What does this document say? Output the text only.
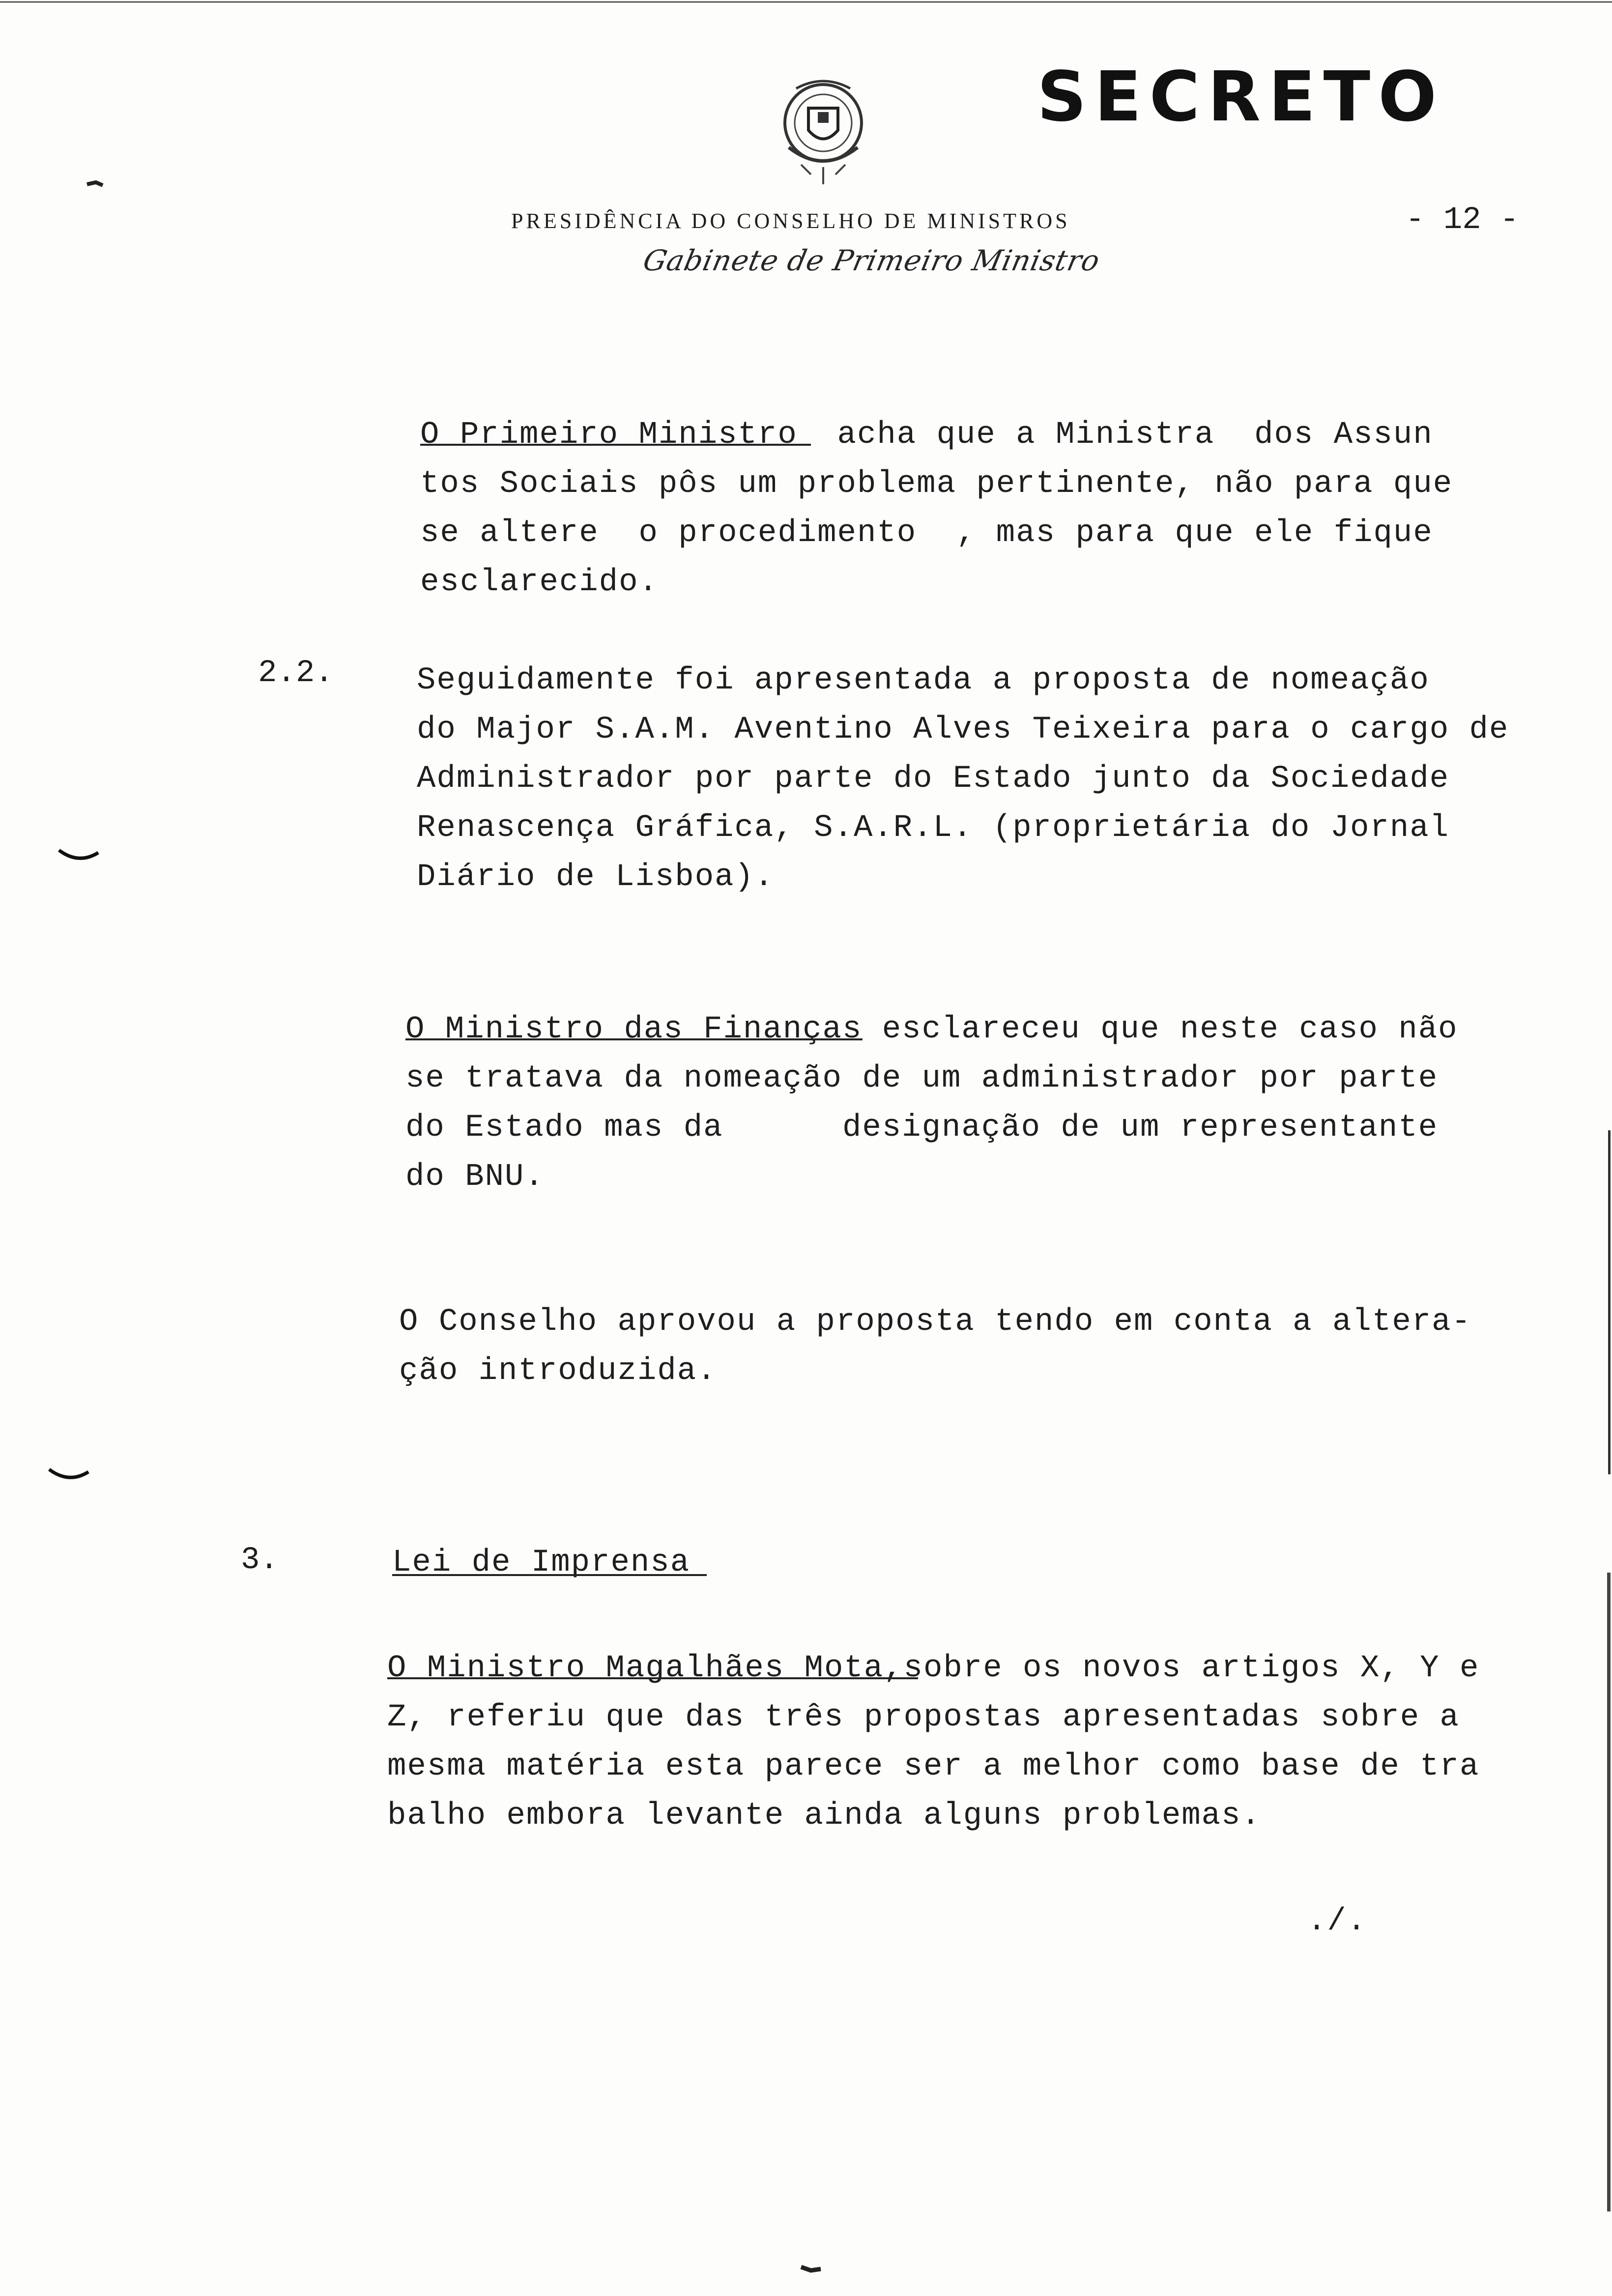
SECRETO
PRESIDÊNCIA DO CONSELHO DE MINISTROS	- 12 -
Gabinete de Primeiro Ministro
O Primeiro Ministro  acha que a Ministra  dos Assun
tos Sociais pôs um problema pertinente, não para que
se altere  o procedimento  , mas para que ele fique
esclarecido.
2.2.	Seguidamente foi apresentada a proposta de nomeação
do Major S.A.M. Aventino Alves Teixeira para o cargo de
Administrador por parte do Estado junto da Sociedade
Renascença Gráfica, S.A.R.L. (proprietária do Jornal
Diário de Lisboa).
O Ministro das Finanças esclareceu que neste caso não
se tratava da nomeação de um administrador por parte
do Estado mas da      designação de um representante
do BNU.
O Conselho aprovou a proposta tendo em conta a altera-
ção introduzida.
3.	Lei de Imprensa
O Ministro Magalhães Mota,sobre os novos artigos X, Y e
Z, referiu que das três propostas apresentadas sobre a
mesma matéria esta parece ser a melhor como base de tra
balho embora levante ainda alguns problemas.
./.
